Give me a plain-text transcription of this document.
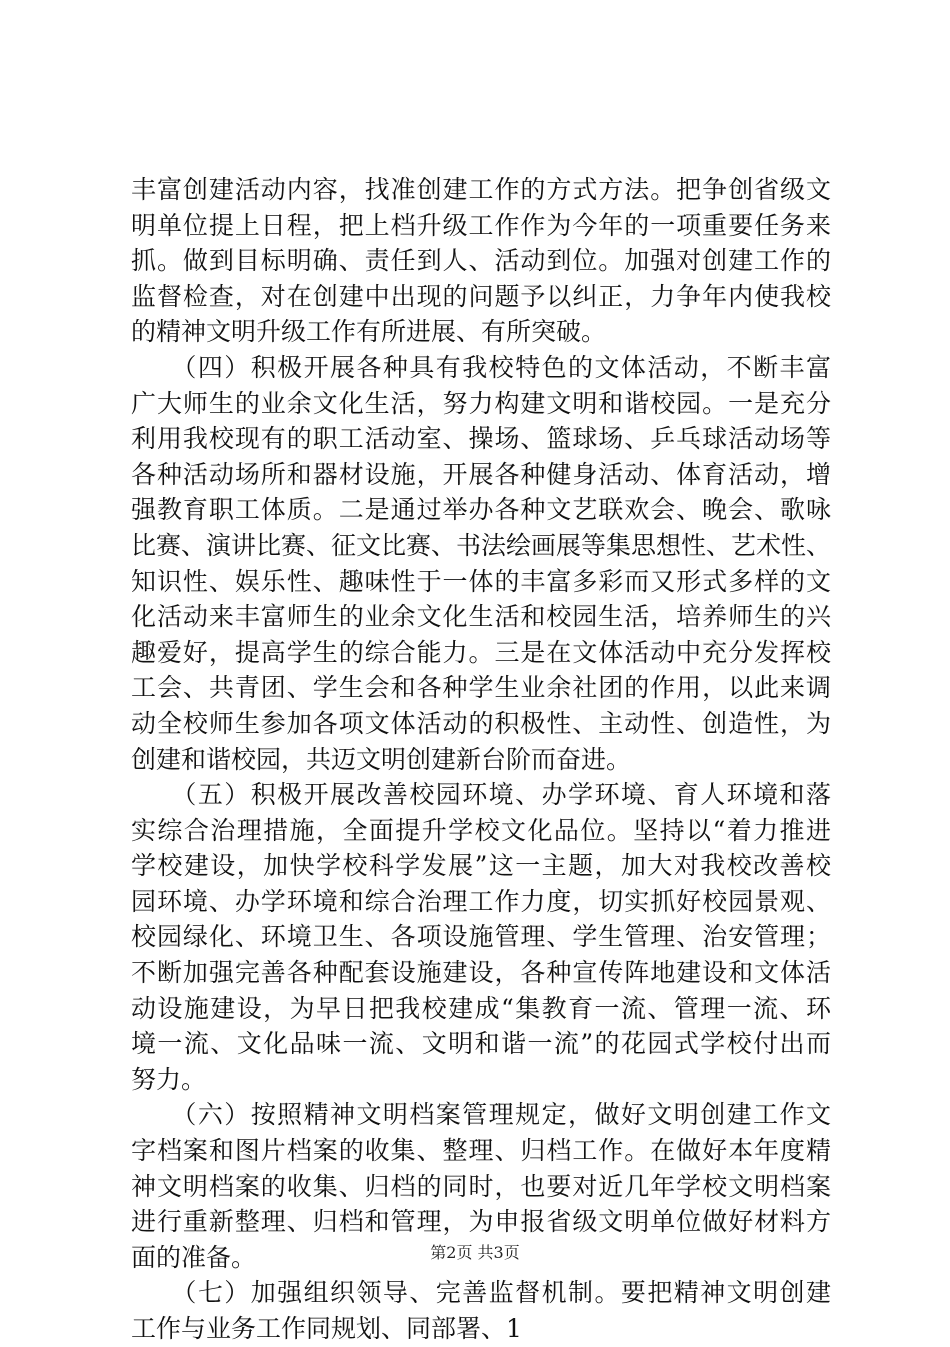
丰富创建活动内容，找准创建工作的方式方法。把争创省级文
明单位提上日程，把上档升级工作作为今年的一项重要任务来
抓。做到目标明确、责任到人、活动到位。加强对创建工作的
监督检查，对在创建中出现的问题予以纠正，力争年内使我校
的精神文明升级工作有所进展、有所突破。
　　（四）积极开展各种具有我校特色的文体活动，不断丰富
广大师生的业余文化生活，努力构建文明和谐校园。一是充分
利用我校现有的职工活动室、操场、篮球场、乒乓球活动场等
各种活动场所和器材设施，开展各种健身活动、体育活动，增
强教育职工体质。二是通过举办各种文艺联欢会、晚会、歌咏
比赛、演讲比赛、征文比赛、书法绘画展等集思想性、艺术性、
知识性、娱乐性、趣味性于一体的丰富多彩而又形式多样的文
化活动来丰富师生的业余文化生活和校园生活，培养师生的兴
趣爱好，提高学生的综合能力。三是在文体活动中充分发挥校
工会、共青团、学生会和各种学生业余社团的作用，以此来调
动全校师生参加各项文体活动的积极性、主动性、创造性，为
创建和谐校园，共迈文明创建新台阶而奋进。
　　（五）积极开展改善校园环境、办学环境、育人环境和落
实综合治理措施，全面提升学校文化品位。坚持以“着力推进
学校建设，加快学校科学发展”这一主题，加大对我校改善校
园环境、办学环境和综合治理工作力度，切实抓好校园景观、
校园绿化、环境卫生、各项设施管理、学生管理、治安管理；
不断加强完善各种配套设施建设，各种宣传阵地建设和文体活
动设施建设，为早日把我校建成“集教育一流、管理一流、环
境一流、文化品味一流、文明和谐一流”的花园式学校付出而
努力。
　　（六）按照精神文明档案管理规定，做好文明创建工作文
字档案和图片档案的收集、整理、归档工作。在做好本年度精
神文明档案的收集、归档的同时，也要对近几年学校文明档案
进行重新整理、归档和管理，为申报省级文明单位做好材料方
面的准备。
　　（七）加强组织领导、完善监督机制。要把精神文明创建
工作与业务工作同规划、同部署、1
第2页 共3页
